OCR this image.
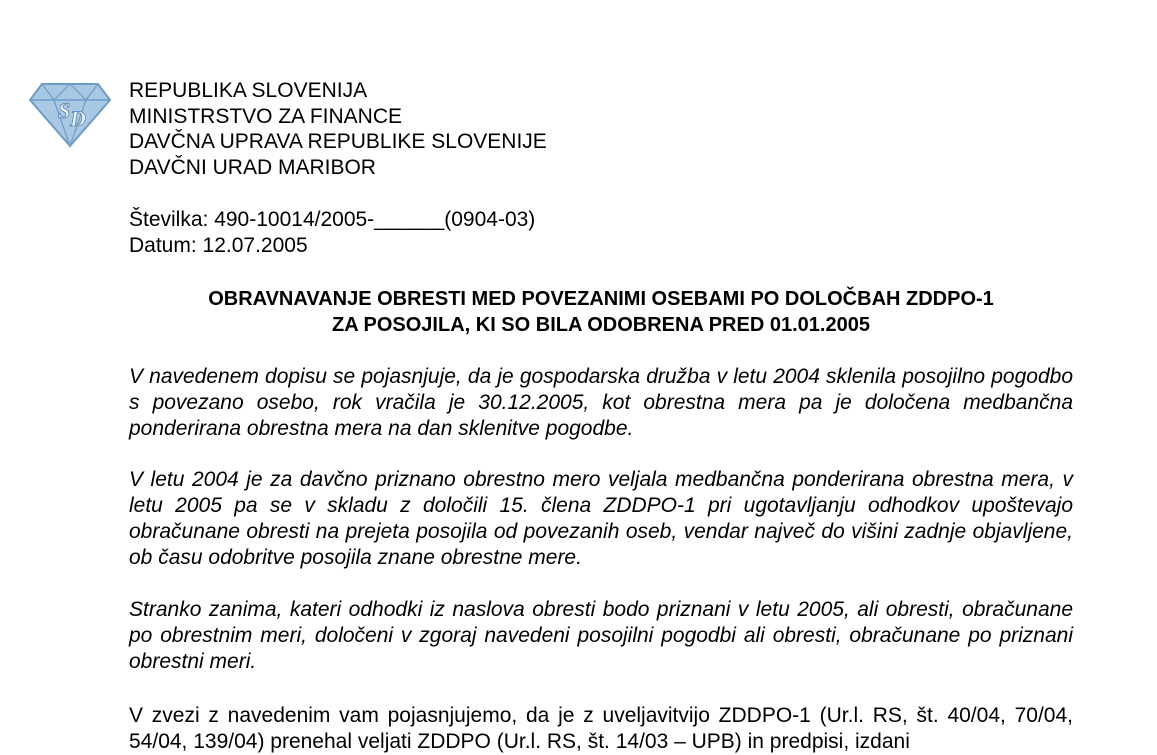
S D
REPUBLIKA SLOVENIJA
MINISTRSTVO ZA FINANCE
DAVČNA UPRAVA REPUBLIKE SLOVENIJE
DAVČNI URAD MARIBOR
Številka: 490-10014/2005-______(0904-03)
Datum: 12.07.2005
OBRAVNAVANJE OBRESTI MED POVEZANIMI OSEBAMI PO DOLOČBAH ZDDPO-1
ZA POSOJILA, KI SO BILA ODOBRENA PRED 01.01.2005
V navedenem dopisu se pojasnjuje, da je gospodarska družba v letu 2004 sklenila posojilno pogodbo s povezano osebo, rok vračila je 30.12.2005, kot obrestna mera pa je določena medbančna ponderirana obrestna mera na dan sklenitve pogodbe.
V letu 2004 je za davčno priznano obrestno mero veljala medbančna ponderirana obrestna mera, v letu 2005 pa se v skladu z določili 15. člena ZDDPO-1 pri ugotavljanju odhodkov upoštevajo obračunane obresti na prejeta posojila od povezanih oseb, vendar največ do višini zadnje objavljene, ob času odobritve posojila znane obrestne mere.
Stranko zanima, kateri odhodki iz naslova obresti bodo priznani v letu 2005, ali obresti, obračunane po obrestnim meri, določeni v zgoraj navedeni posojilni pogodbi ali obresti, obračunane po priznani obrestni meri.
V zvezi z navedenim vam pojasnjujemo, da je z uveljavitvijo ZDDPO-1 (Ur.l. RS, št. 40/04, 70/04, 54/04, 139/04) prenehal veljati ZDDPO (Ur.l. RS, št. 14/03 – UPB) in predpisi, izdani
